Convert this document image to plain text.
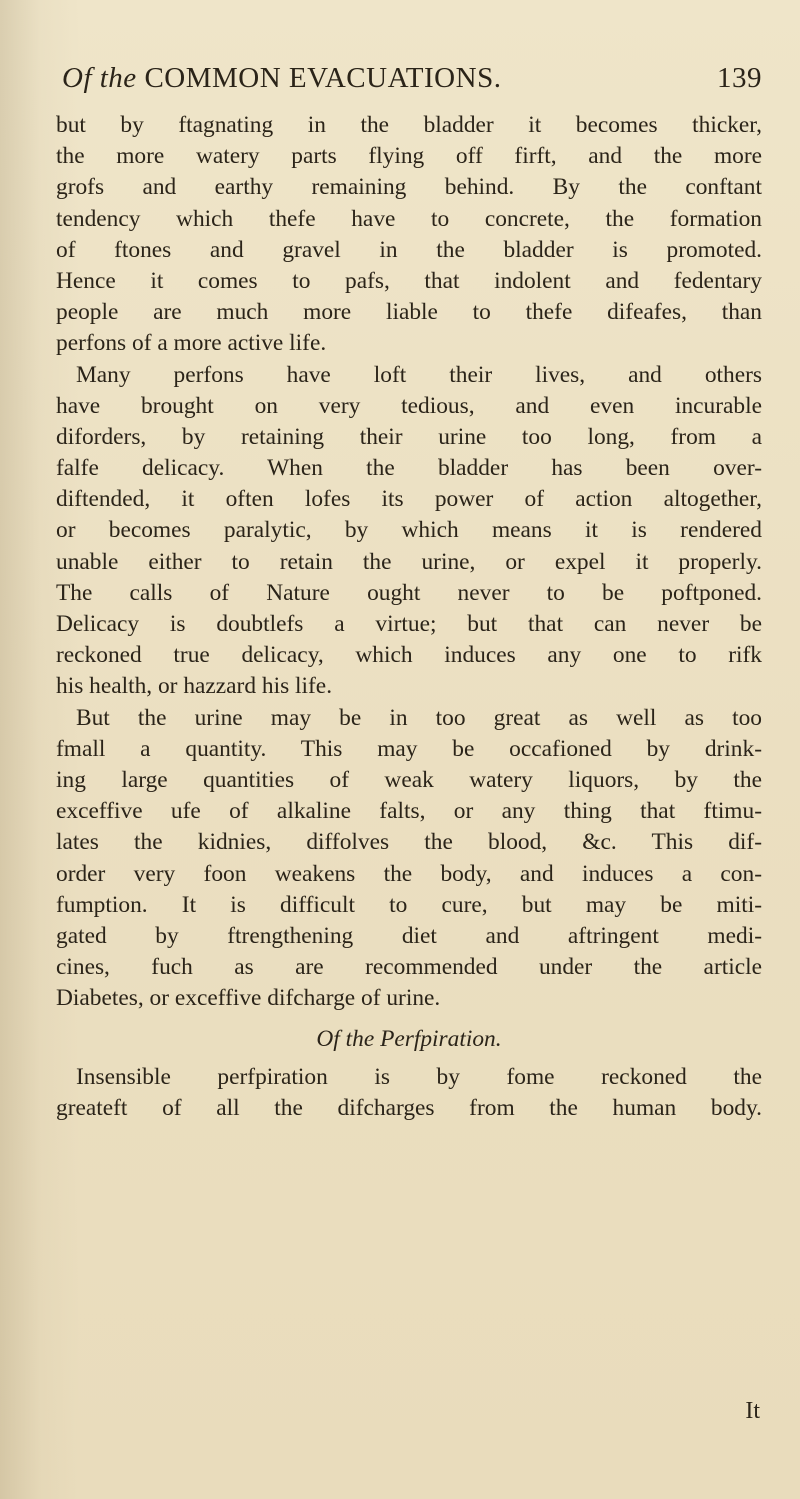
Of the COMMON EVACUATIONS.	139
but by ftagnating in the bladder it becomes thicker,
the more watery parts flying off firft, and the more
grofs and earthy remaining behind. By the conftant
tendency which thefe have to concrete, the formation
of ftones and gravel in the bladder is promoted.
Hence it comes to pafs, that indolent and fedentary
people are much more liable to thefe difeafes, than
perfons of a more active life.
Many perfons have loft their lives, and others
have brought on very tedious, and even incurable
diforders, by retaining their urine too long, from a
falfe delicacy. When the bladder has been over-
diftended, it often lofes its power of action altogether,
or becomes paralytic, by which means it is rendered
unable either to retain the urine, or expel it properly.
The calls of Nature ought never to be poftponed.
Delicacy is doubtlefs a virtue; but that can never be
reckoned true delicacy, which induces any one to rifk
his health, or hazzard his life.
But the urine may be in too great as well as too
fmall a quantity. This may be occafioned by drink-
ing large quantities of weak watery liquors, by the
exceffive ufe of alkaline falts, or any thing that ftimu-
lates the kidnies, diffolves the blood, &c. This dif-
order very foon weakens the body, and induces a con-
fumption. It is difficult to cure, but may be miti-
gated by ftrengthening diet and aftringent medi-
cines, fuch as are recommended under the article
Diabetes, or exceffive difcharge of urine.
Of the Perfpiration.
Insensible perfpiration is by fome reckoned the
greateft of all the difcharges from the human body.
It
